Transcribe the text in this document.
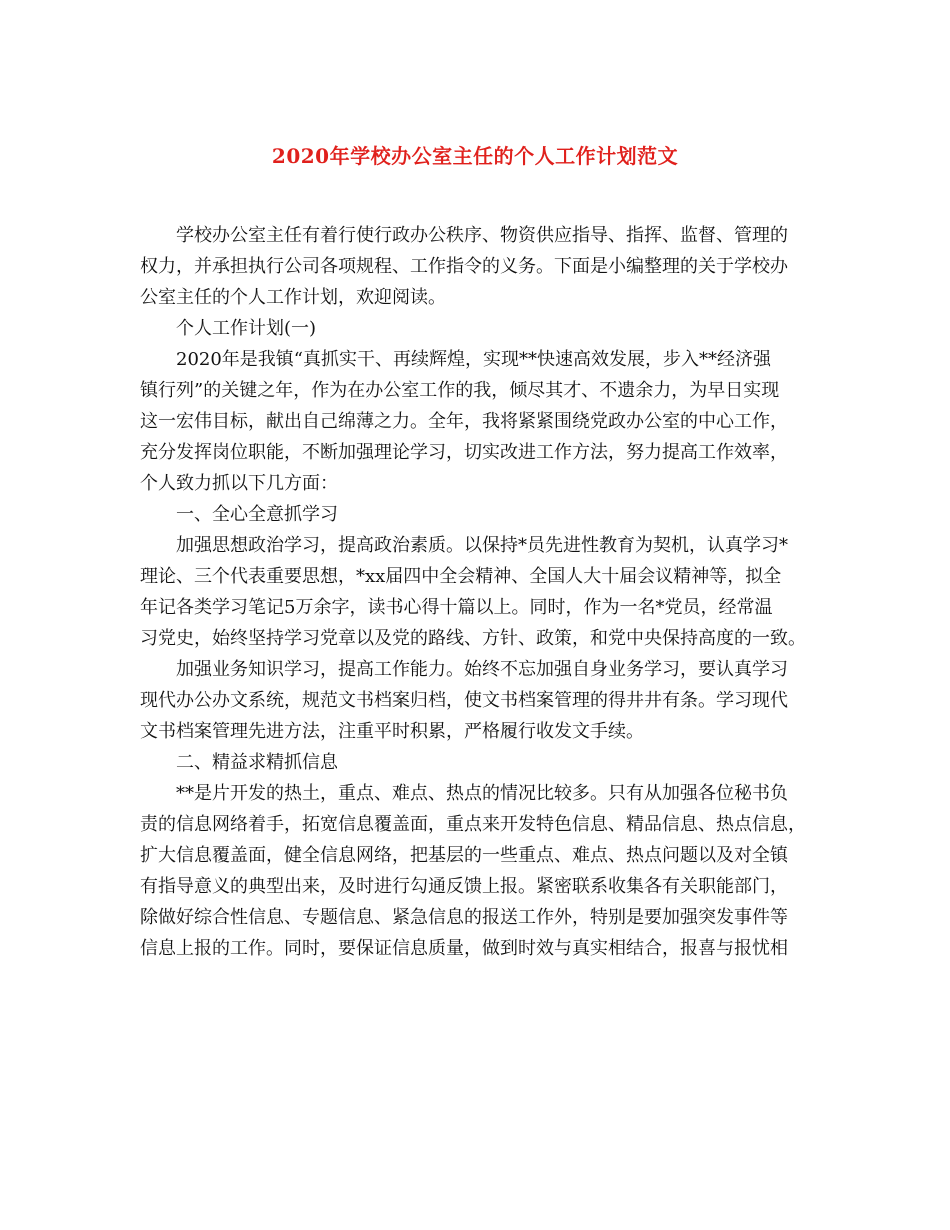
2020年学校办公室主任的个人工作计划范文
学校办公室主任有着行使行政办公秩序、物资供应指导、指挥、监督、管理的
权力，并承担执行公司各项规程、工作指令的义务。下面是小编整理的关于学校办
公室主任的个人工作计划，欢迎阅读。
个人工作计划(一)
2020年是我镇“真抓实干、再续辉煌，实现**快速高效发展，步入**经济强
镇行列”的关键之年，作为在办公室工作的我，倾尽其才、不遗余力，为早日实现
这一宏伟目标，献出自己绵薄之力。全年，我将紧紧围绕党政办公室的中心工作，
充分发挥岗位职能，不断加强理论学习，切实改进工作方法，努力提高工作效率，
个人致力抓以下几方面：
一、全心全意抓学习
加强思想政治学习，提高政治素质。以保持*员先进性教育为契机，认真学习*
理论、三个代表重要思想，*xx届四中全会精神、全国人大十届会议精神等，拟全
年记各类学习笔记5万余字，读书心得十篇以上。同时，作为一名*党员，经常温
习党史，始终坚持学习党章以及党的路线、方针、政策，和党中央保持高度的一致。
加强业务知识学习，提高工作能力。始终不忘加强自身业务学习，要认真学习
现代办公办文系统，规范文书档案归档，使文书档案管理的得井井有条。学习现代
文书档案管理先进方法，注重平时积累，严格履行收发文手续。
二、精益求精抓信息
**是片开发的热土，重点、难点、热点的情况比较多。只有从加强各位秘书负
责的信息网络着手，拓宽信息覆盖面，重点来开发特色信息、精品信息、热点信息，
扩大信息覆盖面，健全信息网络，把基层的一些重点、难点、热点问题以及对全镇
有指导意义的典型出来，及时进行勾通反馈上报。紧密联系收集各有关职能部门，
除做好综合性信息、专题信息、紧急信息的报送工作外，特别是要加强突发事件等
信息上报的工作。同时，要保证信息质量，做到时效与真实相结合，报喜与报忧相
